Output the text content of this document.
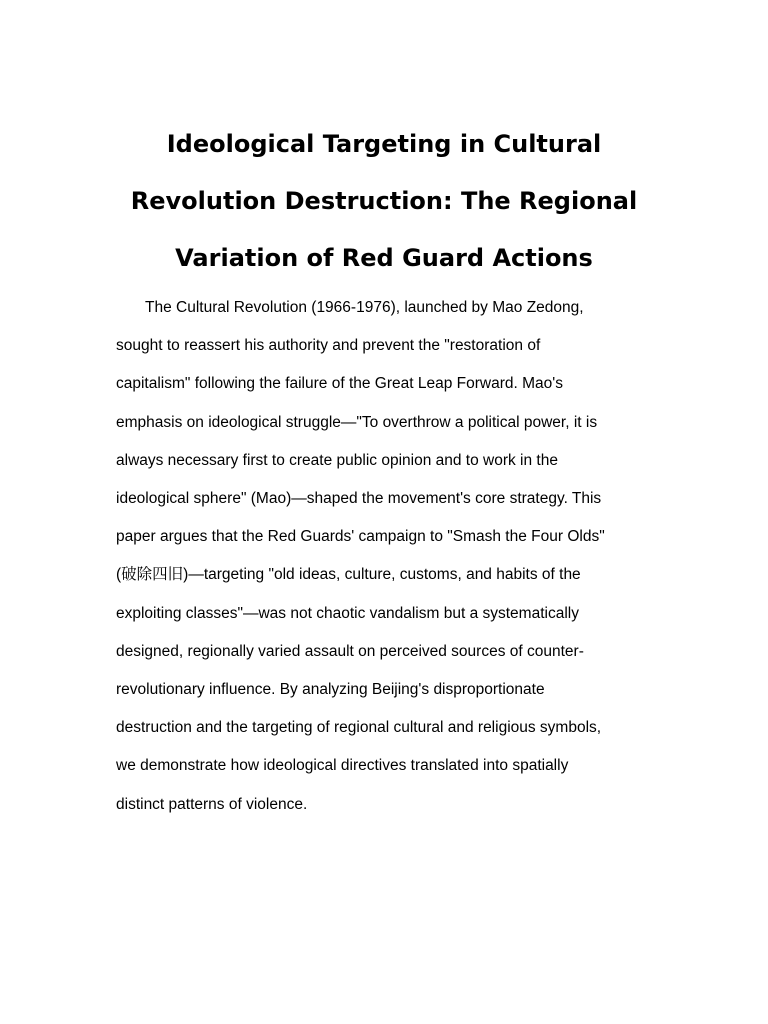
Ideological Targeting in Cultural
Revolution Destruction: The Regional
Variation of Red Guard Actions

The Cultural Revolution (1966-1976), launched by Mao Zedong,
sought to reassert his authority and prevent the "restoration of
capitalism" following the failure of the Great Leap Forward. Mao's
emphasis on ideological struggle—"To overthrow a political power, it is
always necessary first to create public opinion and to work in the
ideological sphere" (Mao)—shaped the movement's core strategy. This
paper argues that the Red Guards' campaign to "Smash the Four Olds"
(破除四旧)—targeting "old ideas, culture, customs, and habits of the
exploiting classes"—was not chaotic vandalism but a systematically
designed, regionally varied assault on perceived sources of counter-
revolutionary influence. By analyzing Beijing's disproportionate
destruction and the targeting of regional cultural and religious symbols,
we demonstrate how ideological directives translated into spatially
distinct patterns of violence.
